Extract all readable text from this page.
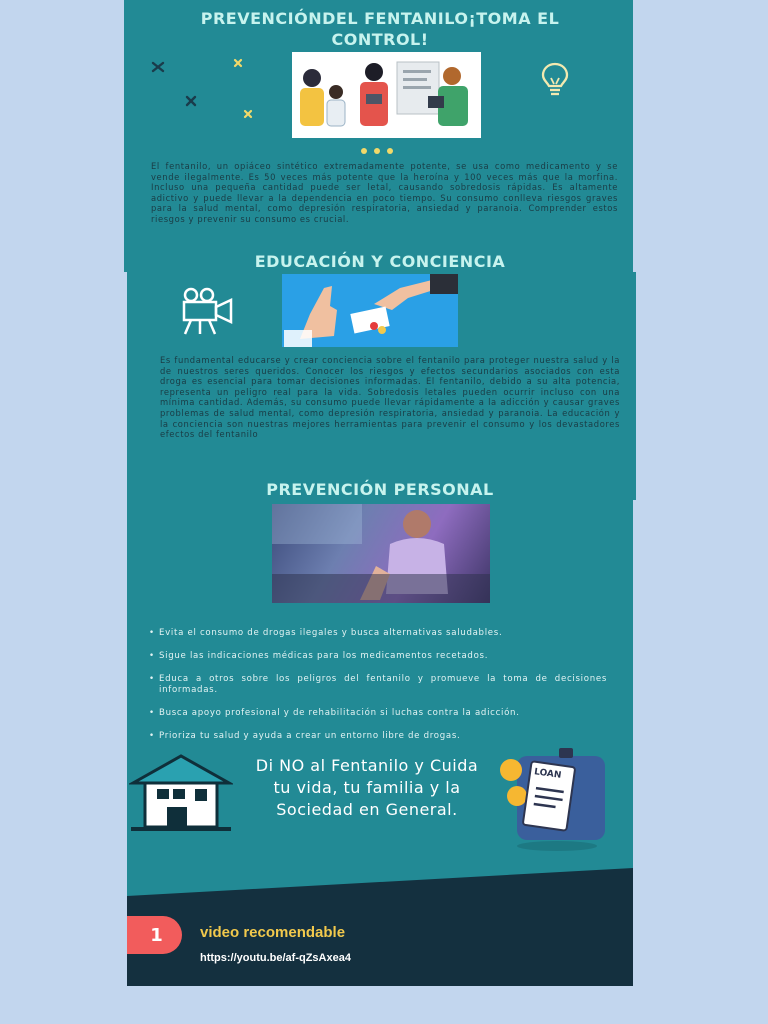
PREVENCIÓNDEL FENTANILO¡TOMA EL CONTROL!

El fentanilo, un opiáceo sintético extremadamente potente, se usa como medicamento y se vende ilegalmente. Es 50 veces más potente que la heroína y 100 veces más que la morfina. Incluso una pequeña cantidad puede ser letal, causando sobredosis rápidas. Es altamente adictivo y puede llevar a la dependencia en poco tiempo. Su consumo conlleva riesgos graves para la salud mental, como depresión respiratoria, ansiedad y paranoia. Comprender estos riesgos y prevenir su consumo es crucial.

EDUCACIÓN Y CONCIENCIA

Es fundamental educarse y crear conciencia sobre el fentanilo para proteger nuestra salud y la de nuestros seres queridos. Conocer los riesgos y efectos secundarios asociados con esta droga es esencial para tomar decisiones informadas. El fentanilo, debido a su alta potencia, representa un peligro real para la vida. Sobredosis letales pueden ocurrir incluso con una mínima cantidad. Además, su consumo puede llevar rápidamente a la adicción y causar graves problemas de salud mental, como depresión respiratoria, ansiedad y paranoia. La educación y la conciencia son nuestras mejores herramientas para prevenir el consumo y los devastadores efectos del fentanilo

PREVENCIÓN PERSONAL
• Evita el consumo de drogas ilegales y busca alternativas saludables.
• Sigue las indicaciones médicas para los medicamentos recetados.
• Educa a otros sobre los peligros del fentanilo y promueve la toma de decisiones informadas.
• Busca apoyo profesional y de rehabilitación si luchas contra la adicción.
• Prioriza tu salud y ayuda a crear un entorno libre de drogas.

Di NO al Fentanilo y Cuida tu vida, tu familia y la Sociedad en General.

LOAN
1	video recomendable
https://youtu.be/af-qZsAxea4
